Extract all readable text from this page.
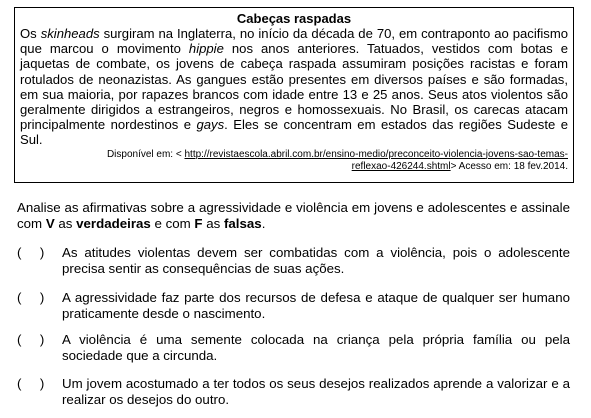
Cabeças raspadas

Os skinheads surgiram na Inglaterra, no início da década de 70, em contraponto ao pacifismo que marcou o movimento hippie nos anos anteriores. Tatuados, vestidos com botas e jaquetas de combate, os jovens de cabeça raspada assumiram posições racistas e foram rotulados de neonazistas. As gangues estão presentes em diversos países e são formadas, em sua maioria, por rapazes brancos com idade entre 13 e 25 anos. Seus atos violentos são geralmente dirigidos a estrangeiros, negros e homossexuais. No Brasil, os carecas atacam principalmente nordestinos e gays. Eles se concentram em estados das regiões Sudeste e Sul.

Disponível em: < http://revistaescola.abril.com.br/ensino-medio/preconceito-violencia-jovens-sao-temas-
reflexao-426244.shtml> Acesso em: 18 fev.2014.

Analise as afirmativas sobre a agressividade e violência em jovens e adolescentes e assinale com V as verdadeiras e com F as falsas.

(     ) As atitudes violentas devem ser combatidas com a violência, pois o adolescente precisa sentir as consequências de suas ações.
(     ) A agressividade faz parte dos recursos de defesa e ataque de qualquer ser humano praticamente desde o nascimento.
(     ) A violência é uma semente colocada na criança pela própria família ou pela sociedade que a circunda.
(     ) Um jovem acostumado a ter todos os seus desejos realizados aprende a valorizar e a realizar os desejos do outro.
